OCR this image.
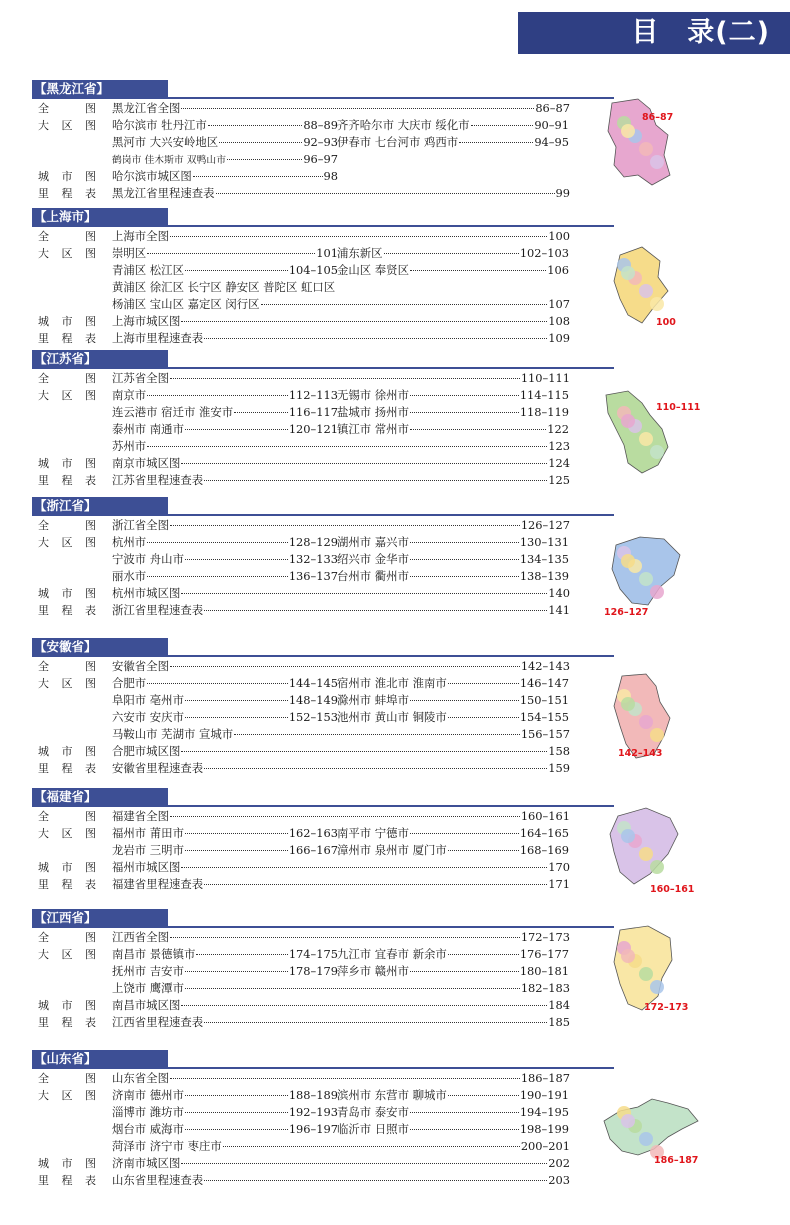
目　录(二)
【黑龙江省】
全　　图 黑龙江省全图	86–87
大 区 图 哈尔滨市 牡丹江市	88–89 齐齐哈尔市 大庆市 绥化市	90–91
黑河市 大兴安岭地区	92–93 伊春市 七台河市 鸡西市	94–95
鹤岗市 佳木斯市 双鸭山市	96–97
城 市 图 哈尔滨市城区图	98
里 程 表 黑龙江省里程速查表	99
86–87
【上海市】
全　　图 上海市全图	100
大 区 图 崇明区	101 浦东新区	102–103
青浦区 松江区	104–105 金山区 奉贤区	106
黄浦区 徐汇区 长宁区 静安区 普陀区 虹口区
杨浦区 宝山区 嘉定区 闵行区	107
城 市 图 上海市城区图	108
里 程 表 上海市里程速查表	109
100
【江苏省】
全　　图 江苏省全图	110–111
大 区 图 南京市	112–113 无锡市 徐州市	114–115
连云港市 宿迁市 淮安市	116–117 盐城市 扬州市	118–119
泰州市 南通市	120–121 镇江市 常州市	122
苏州市	123
城 市 图 南京市城区图	124
里 程 表 江苏省里程速查表	125
110–111
【浙江省】
全　　图 浙江省全图	126–127
大 区 图 杭州市	128–129 湖州市 嘉兴市	130–131
宁波市 舟山市	132–133 绍兴市 金华市	134–135
丽水市	136–137 台州市 衢州市	138–139
城 市 图 杭州市城区图	140
里 程 表 浙江省里程速查表	141	126–127
【安徽省】
全　　图 安徽省全图	142–143
大 区 图 合肥市	144–145 宿州市 淮北市 淮南市	146–147
阜阳市 亳州市	148–149 滁州市 蚌埠市	150–151
六安市 安庆市	152–153 池州市 黄山市 铜陵市	154–155
马鞍山市 芜湖市 宣城市	156–157
城 市 图 合肥市城区图	158
里 程 表 安徽省里程速查表	159
142–143
【福建省】
全　　图 福建省全图	160–161
大 区 图 福州市 莆田市	162–163 南平市 宁德市	164–165
龙岩市 三明市	166–167 漳州市 泉州市 厦门市	168–169
城 市 图 福州市城区图	170
里 程 表 福建省里程速查表	171	160–161
【江西省】
全　　图 江西省全图	172–173
大 区 图 南昌市 景德镇市	174–175 九江市 宜春市 新余市	176–177
抚州市 吉安市	178–179 萍乡市 赣州市	180–181
上饶市 鹰潭市	182–183
城 市 图 南昌市城区图	184
里 程 表 江西省里程速查表	185
172–173
【山东省】
全　　图 山东省全图	186–187
大 区 图 济南市 德州市	188–189 滨州市 东营市 聊城市	190–191
淄博市 潍坊市	192–193 青岛市 泰安市	194–195
烟台市 威海市	196–197 临沂市 日照市	198–199
菏泽市 济宁市 枣庄市	200–201
城 市 图 济南市城区图	202
里 程 表 山东省里程速查表	203
186–187
